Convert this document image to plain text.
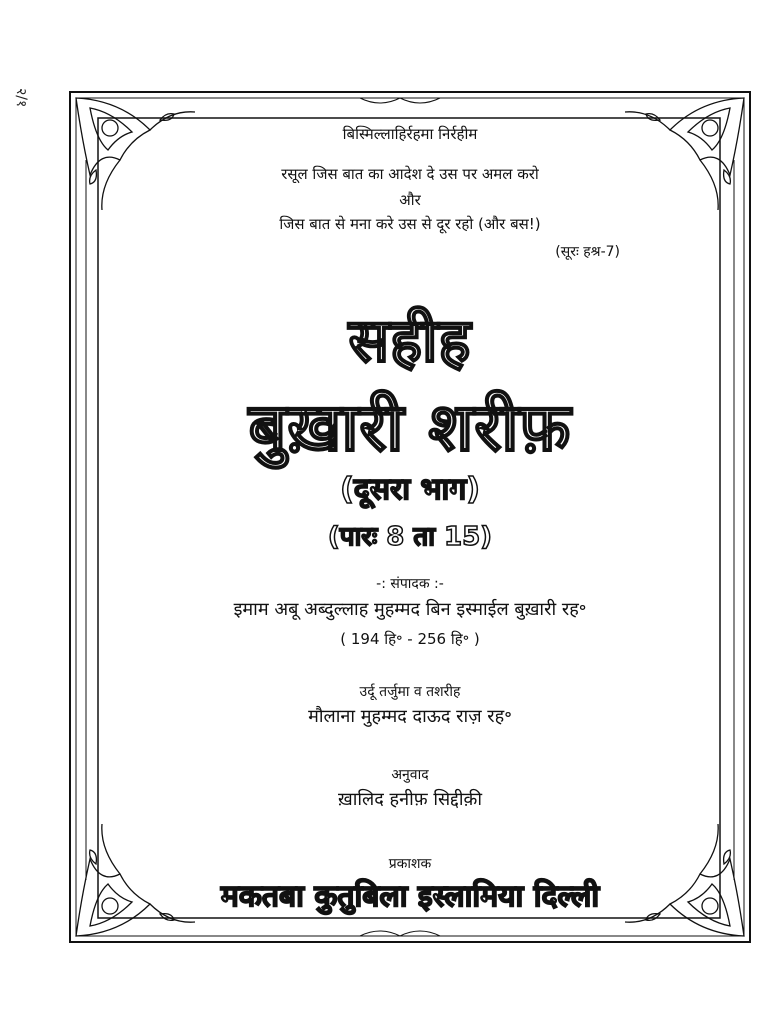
२/१
बिस्मिल्लाहिर्रहमा निर्रहीम
रसूल जिस बात का आदेश दे उस पर अमल करो
और
जिस बात से मना करे उस से दूर रहो (और बस!)
(सूरः हश्र-7)
सहीह
बुख़ारी शरीफ़
(दूसरा भाग)
(पारः 8 ता 15)
-: संपादक :-
इमाम अबू अब्दुल्लाह मुहम्मद बिन इस्माईल बुख़ारी रह॰
( 194 हि॰ - 256 हि॰ )
उर्दू तर्जुमा व तशरीह
मौलाना मुहम्मद दाऊद राज़ रह॰
अनुवाद
ख़ालिद हनीफ़ सिद्दीक़ी
प्रकाशक
मकतबा कुतुबिला इस्लामिया दिल्ली
